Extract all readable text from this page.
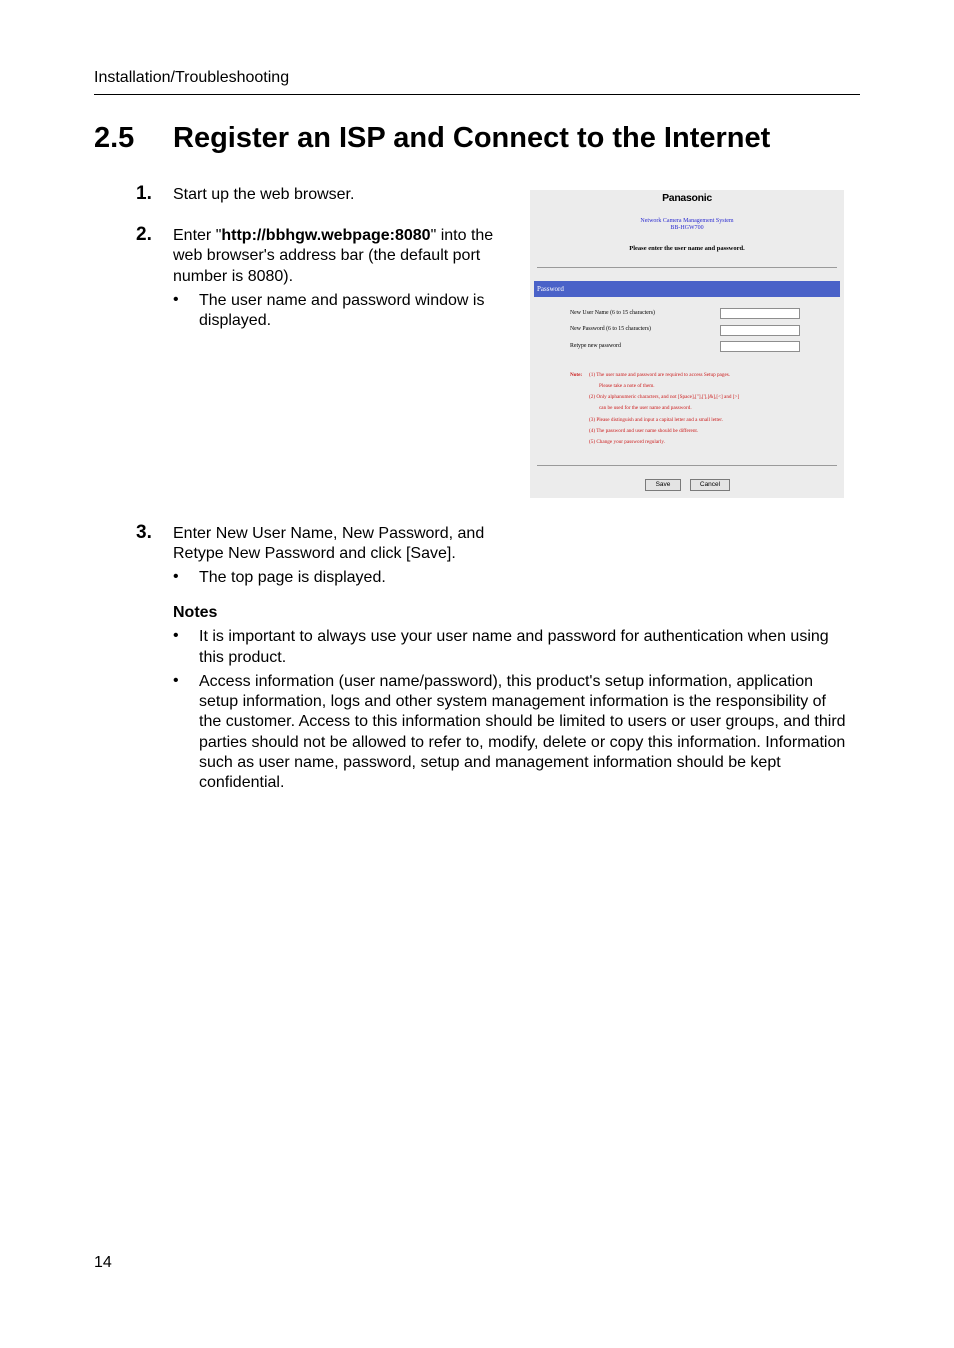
Installation/Troubleshooting
2.5 Register an ISP and Connect to the Internet
1. Start up the web browser.
2. Enter "http://bbhgw.webpage:8080" into the
web browser's address bar (the default port
number is 8080).
• The user name and password window is
displayed.
Panasonic
Network Camera Management System
BB-HGW700
Please enter the user name and password.
Password
New User Name (6 to 15 characters)
New Password (6 to 15 characters)
Retype new password
Note: (1) The user name and password are required to access Setup pages.
Please take a note of them.
(2) Only alphanumeric characters, and not [Space],["],['],[&],[<] and [>]
can be used for the user name and password.
(3) Please distinguish and input a capital letter and a small letter.
(4) The password and user name should be different.
(5) Change your password regularly.
Save	Cancel
3. Enter New User Name, New Password, and
Retype New Password and click [Save].
• The top page is displayed.
Notes
• It is important to always use your user name and password for authentication when using
this product.
• Access information (user name/password), this product's setup information, application
setup information, logs and other system management information is the responsibility of
the customer. Access to this information should be limited to users or user groups, and third
parties should not be allowed to refer to, modify, delete or copy this information. Information
such as user name, password, setup and management information should be kept
confidential.
14
